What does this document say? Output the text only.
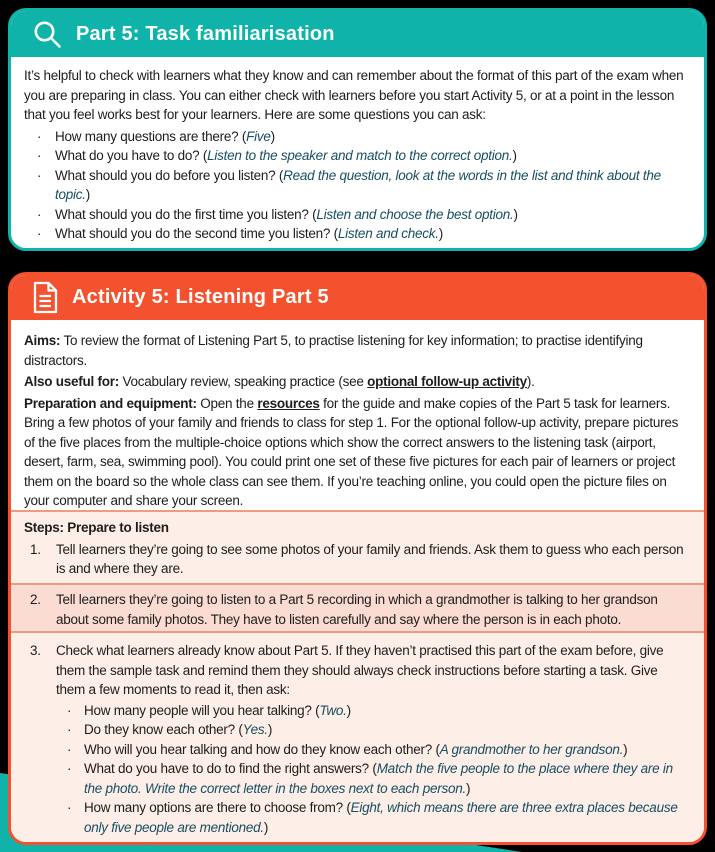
Part 5: Task familiarisation

It’s helpful to check with learners what they know and can remember about the format of this part of the exam when you are preparing in class. You can either check with learners before you start Activity 5, or at a point in the lesson that you feel works best for your learners. Here are some questions you can ask:

· How many questions are there? (Five)
· What do you have to do? (Listen to the speaker and match to the correct option.)
· What should you do before you listen? (Read the question, look at the words in the list and think about the topic.)
· What should you do the first time you listen? (Listen and choose the best option.)
· What should you do the second time you listen? (Listen and check.)
Activity 5: Listening Part 5

Aims: To review the format of Listening Part 5, to practise listening for key information; to practise identifying distractors.

Also useful for: Vocabulary review, speaking practice (see optional follow-up activity).

Preparation and equipment: Open the resources for the guide and make copies of the Part 5 task for learners. Bring a few photos of your family and friends to class for step 1. For the optional follow-up activity, prepare pictures of the five places from the multiple-choice options which show the correct answers to the listening task (airport, desert, farm, sea, swimming pool). You could print one set of these five pictures for each pair of learners or project them on the board so the whole class can see them. If you’re teaching online, you could open the picture files on your computer and share your screen.

Steps: Prepare to listen

1.	Tell learners they’re going to see some photos of your family and friends. Ask them to guess who each person is and where they are.
2.	Tell learners they’re going to listen to a Part 5 recording in which a grandmother is talking to her grandson about some family photos. They have to listen carefully and say where the person is in each photo.
3.	Check what learners already know about Part 5. If they haven’t practised this part of the exam before, give them the sample task and remind them they should always check instructions before starting a task. Give them a few moments to read it, then ask:
· How many people will you hear talking? (Two.)
· Do they know each other? (Yes.)
· Who will you hear talking and how do they know each other? (A grandmother to her grandson.)
· What do you have to do to find the right answers? (Match the five people to the place where they are in the photo. Write the correct letter in the boxes next to each person.)
· How many options are there to choose from? (Eight, which means there are three extra places because only five people are mentioned.)
